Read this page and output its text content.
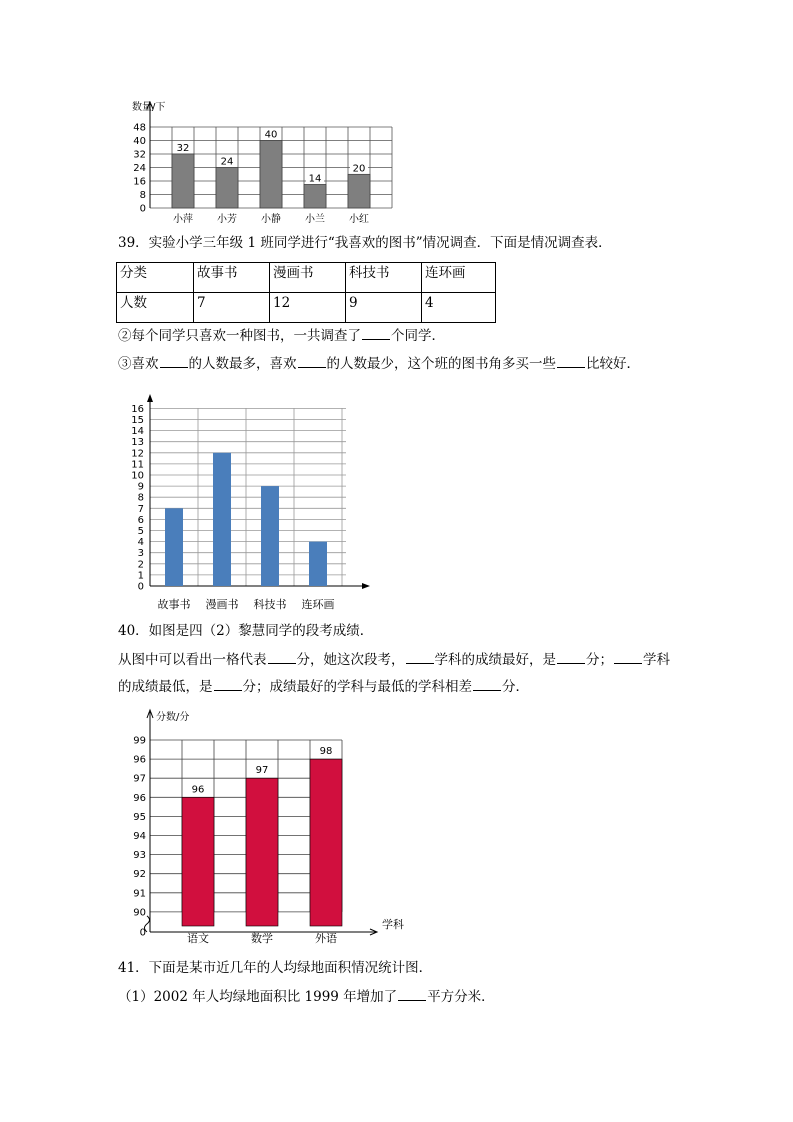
0
8
16
24
32
40
48
数量/下
32
小萍
24
小芳
40
小静
14
小兰
20
小红
39．实验小学三年级 1 班同学进行“我喜欢的图书”情况调查．下面是情况调查表．
分类	故事书	漫画书	科技书	连环画
人数	7	12	9	4
②每个同学只喜欢一种图书，一共调查了 个同学．
③喜欢 的人数最多，喜欢 的人数最少，这个班的图书角多买一些 比较好．
0
1
2
3
4
5
6
7
8
9
10
11
12
13
14
15
16
故事书 漫画书 科技书 连环画
40．如图是四（2）黎慧同学的段考成绩．
从图中可以看出一格代表 分，她这次段考， 学科的成绩最好，是 分； 学科
的成绩最低，是 分；成绩最好的学科与最低的学科相差 分．
90
91
92
93
94
95
96
97
96
99
0
分数/分
学科
96
语文
97
数学
98
外语
41．下面是某市近几年的人均绿地面积情况统计图．
（1）2002 年人均绿地面积比 1999 年增加了 平方分米．
